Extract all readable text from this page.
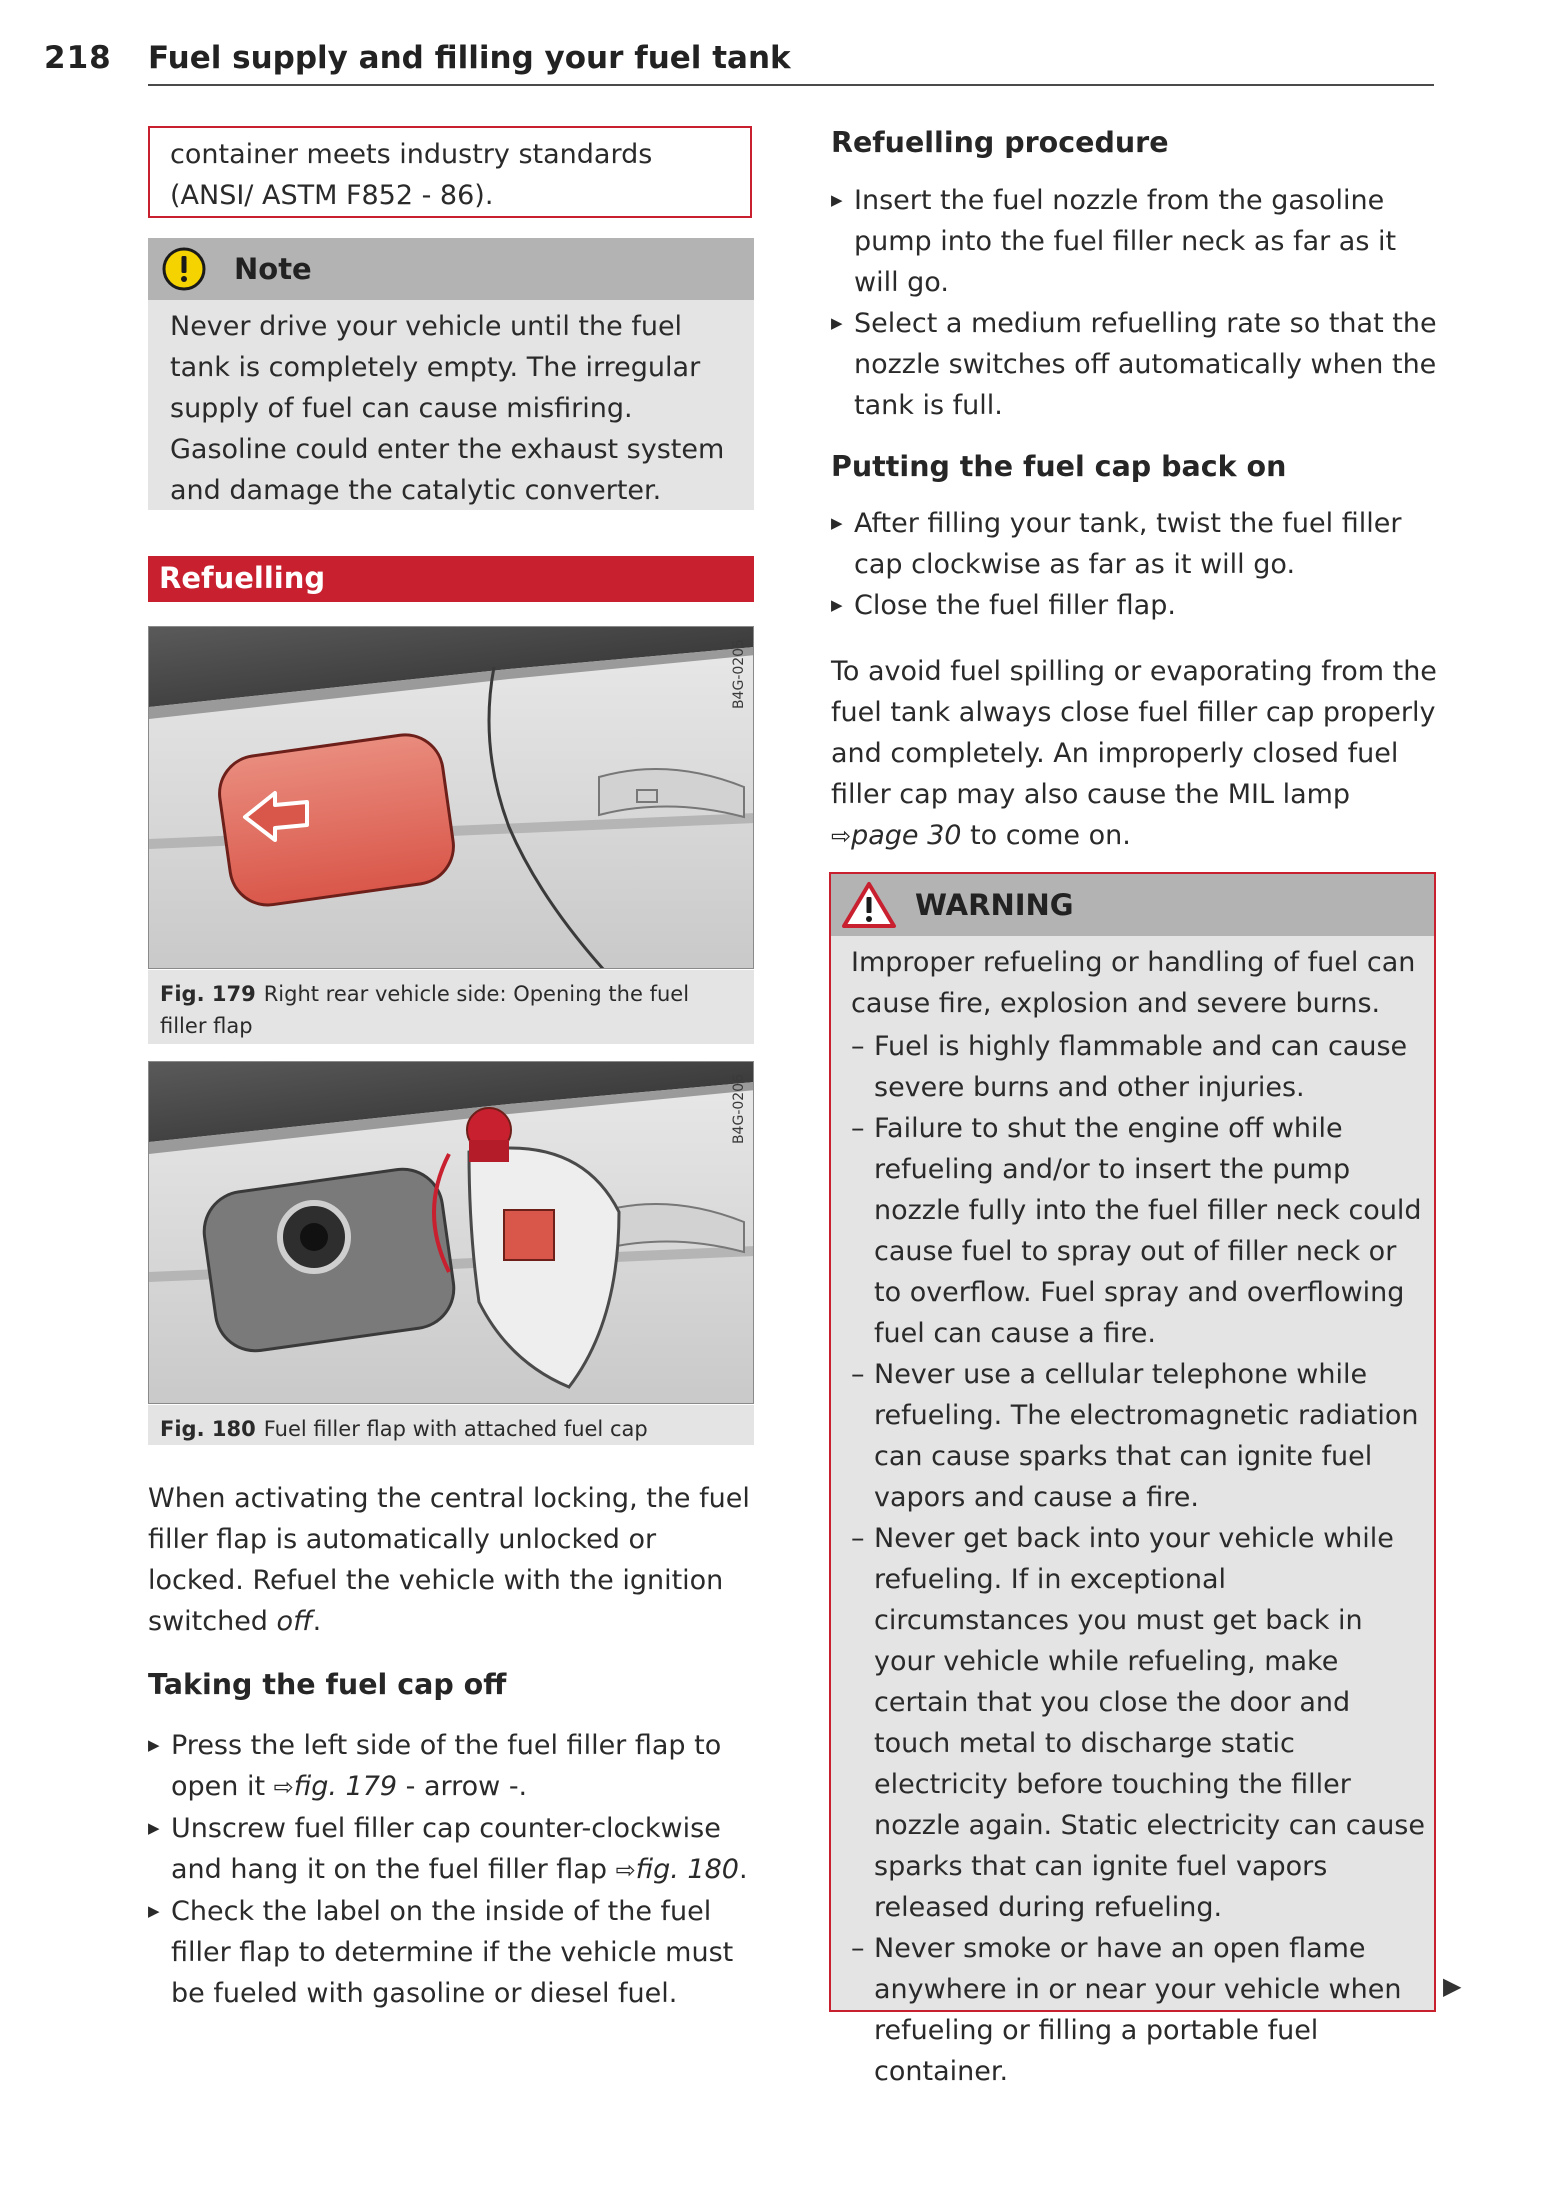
218 Fuel supply and filling your fuel tank
container meets industry standards (ANSI/ ASTM F852 - 86).
Note
Never drive your vehicle until the fuel tank is completely empty. The irregular supply of fuel can cause misfiring. Gasoline could enter the exhaust system and damage the catalytic converter.
Refuelling
B4G-0205
Fig. 179 Right rear vehicle side: Opening the fuel filler flap
B4G-0206
Fig. 180 Fuel filler flap with attached fuel cap
When activating the central locking, the fuel filler flap is automatically unlocked or locked. Refuel the vehicle with the ignition switched off.
Taking the fuel cap off
▶ Press the left side of the fuel filler flap to open it ⇨fig. 179 - arrow -.
▶ Unscrew fuel filler cap counter-clockwise and hang it on the fuel filler flap ⇨fig. 180.
▶ Check the label on the inside of the fuel filler flap to determine if the vehicle must be fueled with gasoline or diesel fuel.
Refuelling procedure
▶ Insert the fuel nozzle from the gasoline pump into the fuel filler neck as far as it will go.
▶ Select a medium refuelling rate so that the nozzle switches off automatically when the tank is full.
Putting the fuel cap back on
▶ After filling your tank, twist the fuel filler cap clockwise as far as it will go.
▶ Close the fuel filler flap.
To avoid fuel spilling or evaporating from the fuel tank always close fuel filler cap properly and completely. An improperly closed fuel filler cap may also cause the MIL lamp ⇨page 30 to come on.
WARNING
Improper refueling or handling of fuel can cause fire, explosion and severe burns.
– Fuel is highly flammable and can cause severe burns and other injuries.
– Failure to shut the engine off while refueling and/or to insert the pump nozzle fully into the fuel filler neck could cause fuel to spray out of filler neck or to overflow. Fuel spray and overflowing fuel can cause a fire.
– Never use a cellular telephone while refueling. The electromagnetic radiation can cause sparks that can ignite fuel vapors and cause a fire.
– Never get back into your vehicle while refueling. If in exceptional circumstances you must get back in your vehicle while refueling, make certain that you close the door and touch metal to discharge static electricity before touching the filler nozzle again. Static electricity can cause sparks that can ignite fuel vapors released during refueling.
– Never smoke or have an open flame anywhere in or near your vehicle when refueling or filling a portable fuel container.
▶
